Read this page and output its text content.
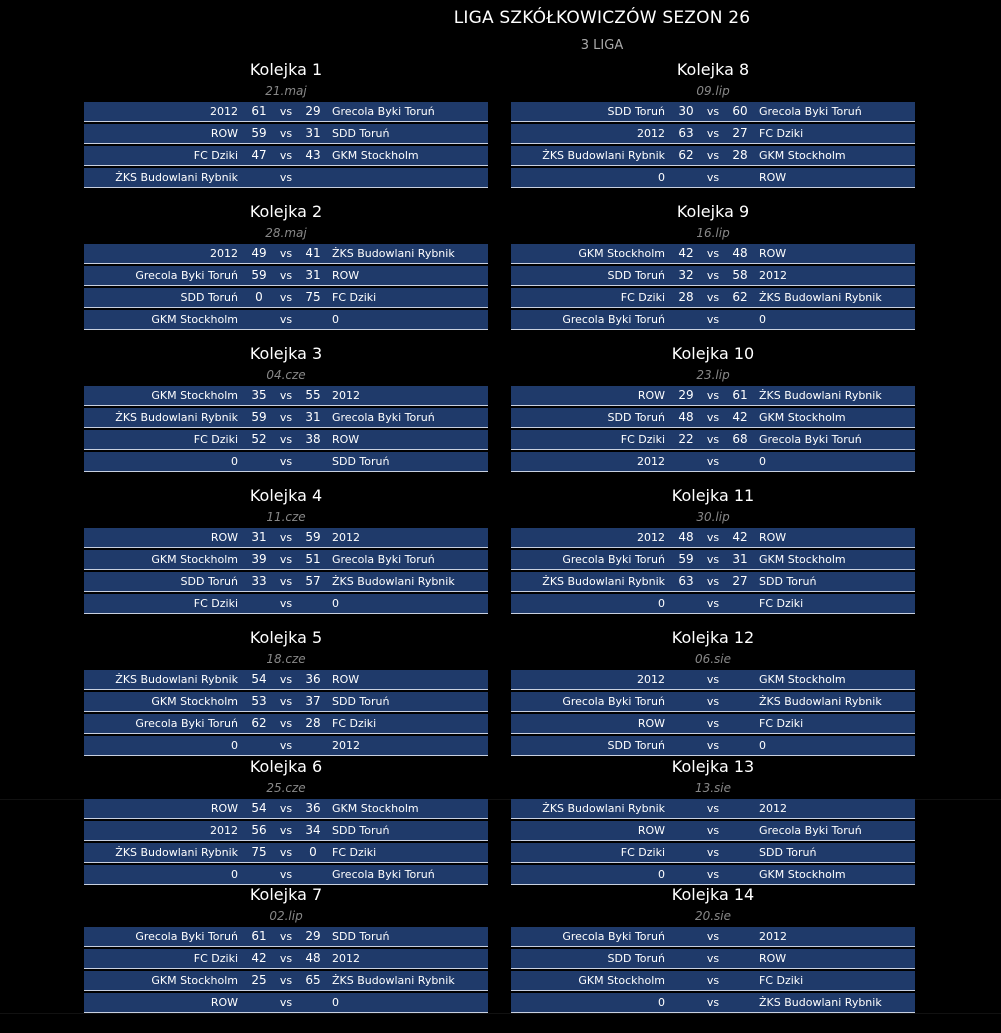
LIGA SZKÓŁKOWICZÓW SEZON 26
3 LIGA
Kolejka 1
21.maj
2012 61	vs	29	Grecola Byki Toruń
ROW 59	vs	31	SDD Toruń
FC Dziki 47	vs	43	GKM Stockholm
ŻKS Budowlani Rybnik	vs
Kolejka 2
28.maj
2012 49	vs	41	ŻKS Budowlani Rybnik
Grecola Byki Toruń 59	vs	31	ROW
SDD Toruń	0	vs	75	FC Dziki
GKM Stockholm	vs	0
Kolejka 3
04.cze
GKM Stockholm 35	vs	55	2012
ŻKS Budowlani Rybnik 59	vs	31	Grecola Byki Toruń
FC Dziki 52	vs	38	ROW
0	vs	SDD Toruń
Kolejka 4
11.cze
ROW 31	vs	59	2012
GKM Stockholm 39	vs	51	Grecola Byki Toruń
SDD Toruń 33	vs	57	ŻKS Budowlani Rybnik
FC Dziki	vs	0
Kolejka 5
18.cze
ŻKS Budowlani Rybnik 54	vs	36	ROW
GKM Stockholm 53	vs	37	SDD Toruń
Grecola Byki Toruń 62	vs	28	FC Dziki
0	vs	2012
Kolejka 6
25.cze
ROW 54	vs	36	GKM Stockholm
2012 56	vs	34	SDD Toruń
ŻKS Budowlani Rybnik 75	vs	0	FC Dziki
0	vs	Grecola Byki Toruń
Kolejka 7
02.lip
Grecola Byki Toruń 61	vs	29	SDD Toruń
FC Dziki 42	vs	48	2012
GKM Stockholm 25	vs	65	ŻKS Budowlani Rybnik
ROW	vs	0
Kolejka 8
09.lip
SDD Toruń 30	vs	60	Grecola Byki Toruń
2012 63	vs	27	FC Dziki
ŻKS Budowlani Rybnik 62	vs	28	GKM Stockholm
0	vs	ROW
Kolejka 9
16.lip
GKM Stockholm 42	vs	48	ROW
SDD Toruń 32	vs	58	2012
FC Dziki 28	vs	62	ŻKS Budowlani Rybnik
Grecola Byki Toruń	vs	0
Kolejka 10
23.lip
ROW 29	vs	61	ŻKS Budowlani Rybnik
SDD Toruń 48	vs	42	GKM Stockholm
FC Dziki 22	vs	68	Grecola Byki Toruń
2012	vs	0
Kolejka 11
30.lip
2012 48	vs	42	ROW
Grecola Byki Toruń 59	vs	31	GKM Stockholm
ŻKS Budowlani Rybnik 63	vs	27	SDD Toruń
0	vs	FC Dziki
Kolejka 12
06.sie
2012	vs	GKM Stockholm
Grecola Byki Toruń	vs	ŻKS Budowlani Rybnik
ROW	vs	FC Dziki
SDD Toruń	vs	0
Kolejka 13
13.sie
ŻKS Budowlani Rybnik	vs	2012
ROW	vs	Grecola Byki Toruń
FC Dziki	vs	SDD Toruń
0	vs	GKM Stockholm
Kolejka 14
20.sie
Grecola Byki Toruń	vs	2012
SDD Toruń	vs	ROW
GKM Stockholm	vs	FC Dziki
0	vs	ŻKS Budowlani Rybnik
